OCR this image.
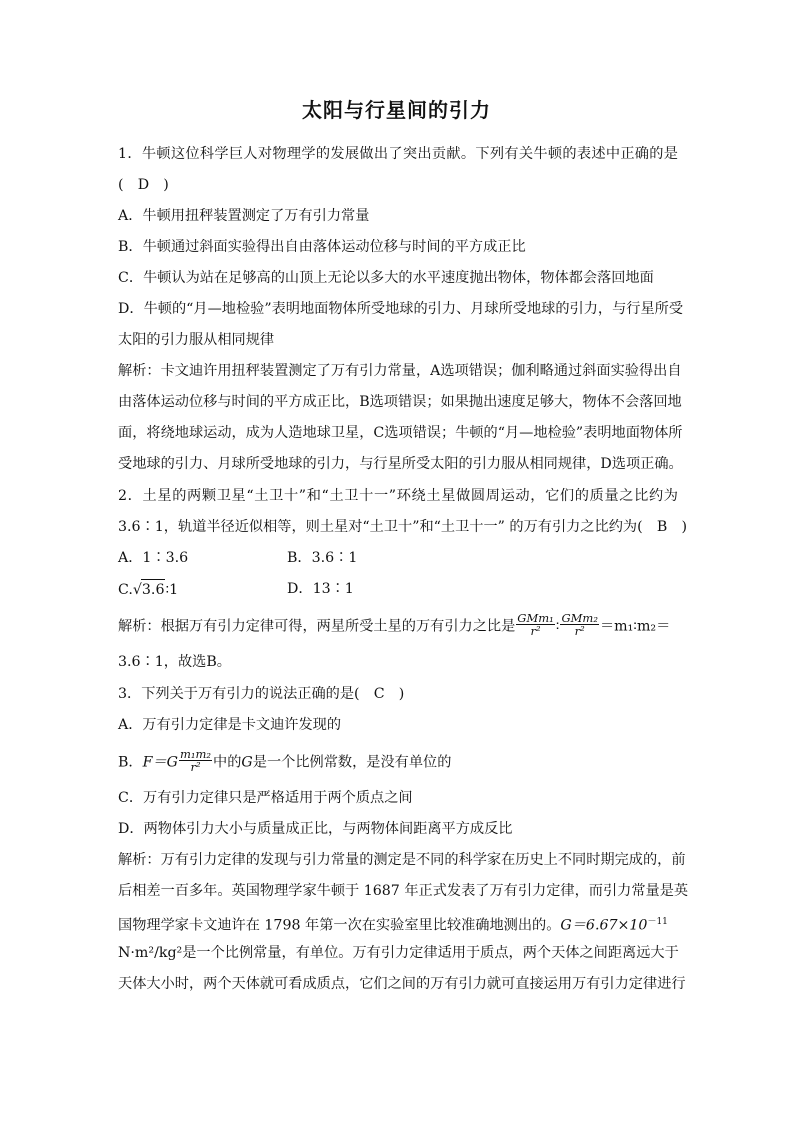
太阳与行星间的引力
1．牛顿这位科学巨人对物理学的发展做出了突出贡献。下列有关牛顿的表述中正确的是
(　D　)
A．牛顿用扭秤装置测定了万有引力常量
B．牛顿通过斜面实验得出自由落体运动位移与时间的平方成正比
C．牛顿认为站在足够高的山顶上无论以多大的水平速度抛出物体，物体都会落回地面
D．牛顿的“月—地检验”表明地面物体所受地球的引力、月球所受地球的引力，与行星所受
太阳的引力服从相同规律
解析：卡文迪许用扭秤装置测定了万有引力常量，A选项错误；伽利略通过斜面实验得出自
由落体运动位移与时间的平方成正比，B选项错误；如果抛出速度足够大，物体不会落回地
面，将绕地球运动，成为人造地球卫星，C选项错误；牛顿的“月—地检验”表明地面物体所
受地球的引力、月球所受地球的引力，与行星所受太阳的引力服从相同规律，D选项正确。
2．土星的两颗卫星“土卫十”和“土卫十一”环绕土星做圆周运动，它们的质量之比约为
3.6∶1，轨道半径近似相等，则土星对“土卫十”和“土卫十一” 的万有引力之比约为(　B　)
A．1∶3.6	B．3.6∶1
C.√3.6∶1	D．13∶1
解析：根据万有引力定律可得，两星所受土星的万有引力之比是 $\frac{\text{GMm₁}}{\text{r²}}$ ∶ $\frac{\text{GMm₂}}{\text{r²}}$ ＝m₁∶m₂＝
3.6∶1，故选B。
3．下列关于万有引力的说法正确的是(　C　)
A．万有引力定律是卡文迪许发现的
B．$F=G \frac{\text{m₁m₂}}{\text{r²}}$ 中的G是一个比例常数，是没有单位的
C．万有引力定律只是严格适用于两个质点之间
D．两物体引力大小与质量成正比，与两物体间距离平方成反比
解析：万有引力定律的发现与引力常量的测定是不同的科学家在历史上不同时期完成的，前
后相差一百多年。英国物理学家牛顿于 1687 年正式发表了万有引力定律，而引力常量是英
国物理学家卡文迪许在 1798 年第一次在实验室里比较准确地测出的。$G=6.67\times 10^{-11}$
N·m²/kg²是一个比例常量，有单位。万有引力定律适用于质点，两个天体之间距离远大于
天体大小时，两个天体就可看成质点，它们之间的万有引力就可直接运用万有引力定律进行
